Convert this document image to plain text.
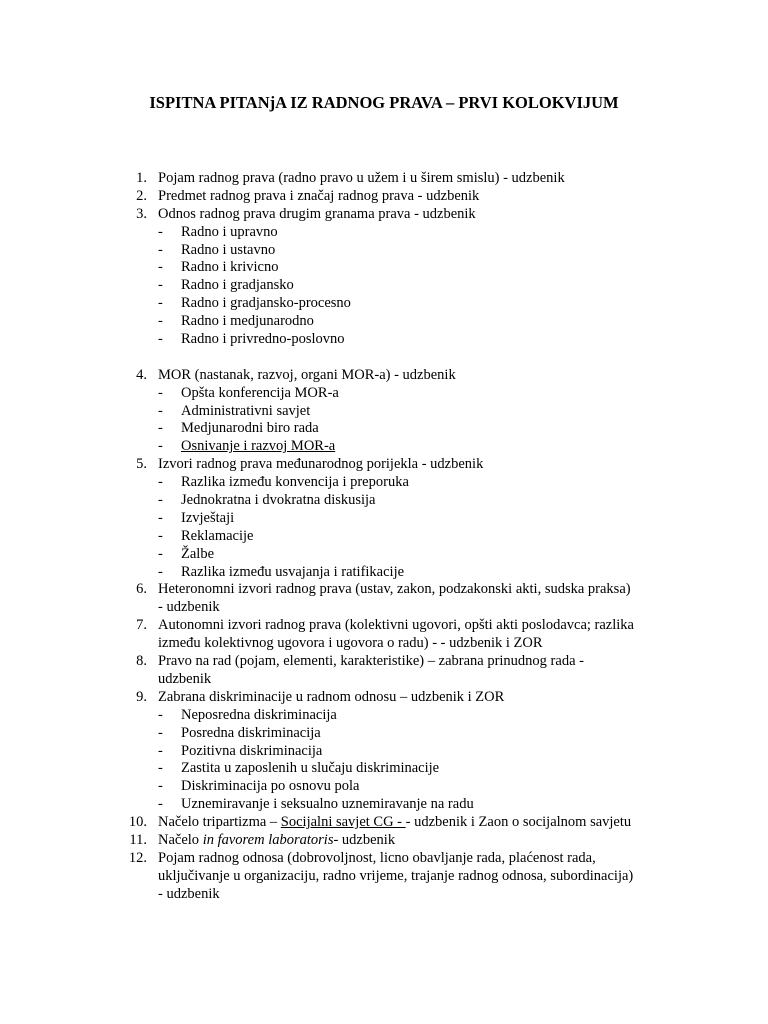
ISPITNA PITANjA IZ RADNOG PRAVA – PRVI KOLOKVIJUM
1. Pojam radnog prava (radno pravo u užem i u širem smislu) - udzbenik
2. Predmet radnog prava i značaj radnog prava - udzbenik
3. Odnos radnog prava drugim granama prava - udzbenik
- Radno i upravno
- Radno i ustavno
- Radno i krivicno
- Radno i gradjansko
- Radno i gradjansko-procesno
- Radno i medjunarodno
- Radno i privredno-poslovno
4. MOR (nastanak, razvoj, organi MOR-a) - udzbenik
- Opšta konferencija MOR-a
- Administrativni savjet
- Medjunarodni biro rada
- Osnivanje i razvoj MOR-a
5. Izvori radnog prava međunarodnog porijekla - udzbenik
- Razlika između konvencija i preporuka
- Jednokratna i dvokratna diskusija
- Izvještaji
- Reklamacije
- Žalbe
- Razlika između usvajanja i ratifikacije
6. Heteronomni izvori radnog prava (ustav, zakon, podzakonski akti, sudska praksa)
- udzbenik
7. Autonomni izvori radnog prava (kolektivni ugovori, opšti akti poslodavca; razlika
između kolektivnog ugovora i ugovora o radu) - - udzbenik i ZOR
8. Pravo na rad (pojam, elementi, karakteristike) – zabrana prinudnog rada -
udzbenik
9. Zabrana diskriminacije u radnom odnosu – udzbenik i ZOR
- Neposredna diskriminacija
- Posredna diskriminacija
- Pozitivna diskriminacija
- Zastita u zaposlenih u slučaju diskriminacije
- Diskriminacija po osnovu pola
- Uznemiravanje i seksualno uznemiravanje na radu
10. Načelo tripartizma – Socijalni savjet CG - - udzbenik i Zaon o socijalnom savjetu
11. Načelo in favorem laboratoris- udzbenik
12. Pojam radnog odnosa (dobrovoljnost, licno obavljanje rada, plaćenost rada,
uključivanje u organizaciju, radno vrijeme, trajanje radnog odnosa, subordinacija)
- udzbenik
